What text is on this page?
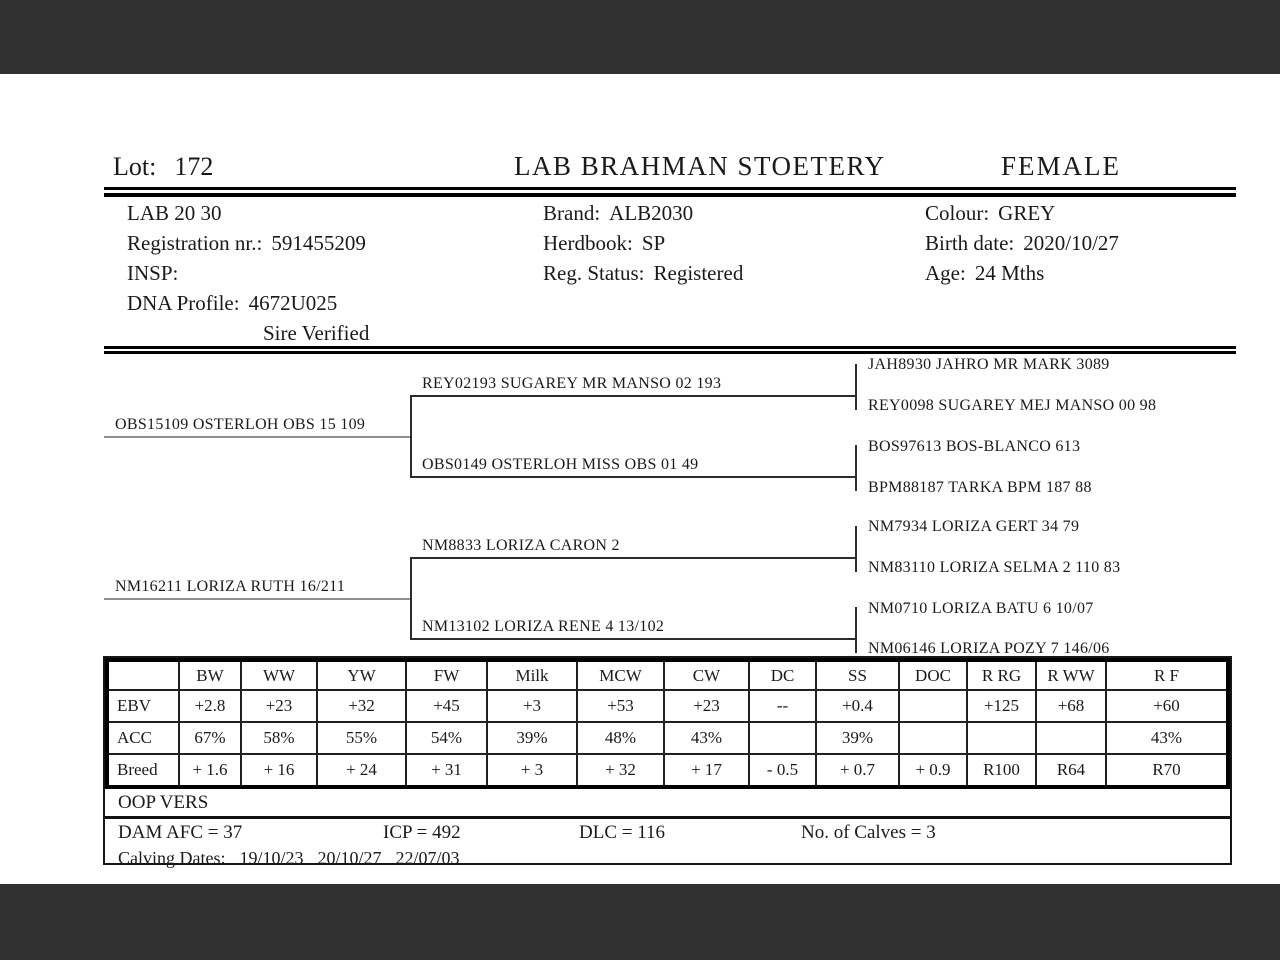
Lot: 172	LAB BRAHMAN STOETERY	FEMALE
LAB 20 30
Registration nr.: 591455209
INSP:
DNA Profile: 4672U025
Sire Verified
Brand: ALB2030
Herdbook: SP
Reg. Status: Registered
Colour: GREY
Birth date: 2020/10/27
Age: 24 Mths
OBS15109 OSTERLOH OBS 15 109
NM16211 LORIZA RUTH 16/211
REY02193 SUGAREY MR MANSO 02 193
OBS0149 OSTERLOH MISS OBS 01 49
NM8833 LORIZA CARON 2
NM13102 LORIZA RENE 4 13/102
JAH8930 JAHRO MR MARK 3089
REY0098 SUGAREY MEJ MANSO 00 98
BOS97613 BOS-BLANCO 613
BPM88187 TARKA BPM 187 88
NM7934 LORIZA GERT 34 79
NM83110 LORIZA SELMA 2 110 83
NM0710 LORIZA BATU 6 10/07
NM06146 LORIZA POZY 7 146/06
	BW	WW	YW	FW	Milk	MCW	CW	DC	SS	DOC	R RG	R WW	R F
EBV	+2.8	+23	+32	+45	+3	+53	+23	--	+0.4		+125	+68	+60
ACC	67%	58%	55%	54%	39%	48%	43%		39%				43%
Breed	+ 1.6	+ 16	+ 24	+ 31	+ 3	+ 32	+ 17	- 0.5	+ 0.7	+ 0.9	R100	R64	R70
OOP VERS
DAM AFC = 37	ICP = 492	DLC = 116	No. of Calves = 3
Calving Dates: 19/10/23 20/10/27 22/07/03
